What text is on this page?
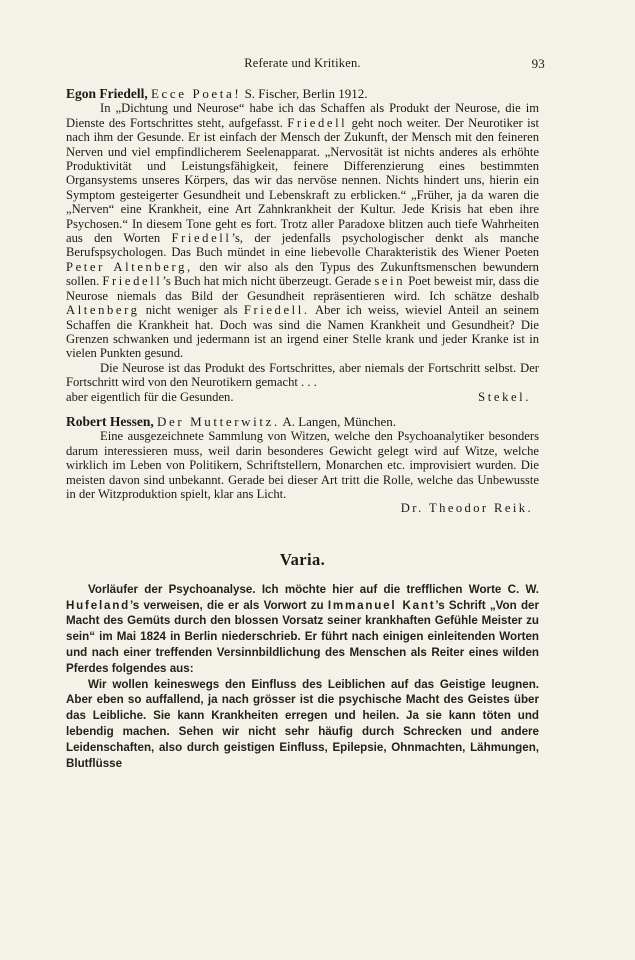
Referate und Kritiken.	93

Egon Friedell, Ecce Poeta! S. Fischer, Berlin 1912.

In „Dichtung und Neurose“ habe ich das Schaffen als Produkt der Neurose, die im Dienste des Fortschrittes steht, aufgefasst. Friedell geht noch weiter. Der Neurotiker ist nach ihm der Gesunde. Er ist einfach der Mensch der Zukunft, der Mensch mit den feineren Nerven und viel empfindlicherem Seelenapparat. „Nervosität ist nichts anderes als erhöhte Produktivität und Leistungsfähigkeit, feinere Differenzierung eines bestimmten Organsystems unseres Körpers, das wir das nervöse nennen. Nichts hindert uns, hierin ein Symptom gesteigerter Gesundheit und Lebenskraft zu erblicken.“ „Früher, ja da waren die „Nerven“ eine Krankheit, eine Art Zahnkrankheit der Kultur. Jede Krisis hat eben ihre Psychosen.“ In diesem Tone geht es fort. Trotz aller Paradoxe blitzen auch tiefe Wahrheiten aus den Worten Friedell’s, der jedenfalls psychologischer denkt als manche Berufspsychologen. Das Buch mündet in eine liebevolle Charakteristik des Wiener Poeten Peter Altenberg, den wir also als den Typus des Zukunftsmenschen bewundern sollen. Friedell’s Buch hat mich nicht überzeugt. Gerade sein Poet beweist mir, dass die Neurose niemals das Bild der Gesundheit repräsentieren wird. Ich schätze deshalb Altenberg nicht weniger als Friedell. Aber ich weiss, wieviel Anteil an seinem Schaffen die Krankheit hat. Doch was sind die Namen Krankheit und Gesundheit? Die Grenzen schwanken und jedermann ist an irgend einer Stelle krank und jeder Kranke ist in vielen Punkten gesund.

Die Neurose ist das Produkt des Fortschrittes, aber niemals der Fortschritt selbst. Der Fortschritt wird von den Neurotikern gemacht . . .

aber eigentlich für die Gesunden.	Stekel.

Robert Hessen, Der Mutterwitz. A. Langen, München.

Eine ausgezeichnete Sammlung von Witzen, welche den Psychoanalytiker besonders darum interessieren muss, weil darin besonderes Gewicht gelegt wird auf Witze, welche wirklich im Leben von Politikern, Schriftstellern, Monarchen etc. improvisiert wurden. Die meisten davon sind unbekannt. Gerade bei dieser Art tritt die Rolle, welche das Unbewusste in der Witzproduktion spielt, klar ans Licht.

Dr. Theodor Reik.

Varia.

Vorläufer der Psychoanalyse. Ich möchte hier auf die trefflichen Worte C. W. Hufeland’s verweisen, die er als Vorwort zu Immanuel Kant’s Schrift „Von der Macht des Gemüts durch den blossen Vorsatz seiner krankhaften Gefühle Meister zu sein“ im Mai 1824 in Berlin niederschrieb. Er führt nach einigen einleitenden Worten und nach einer treffenden Versinnbildlichung des Menschen als Reiter eines wilden Pferdes folgendes aus:

Wir wollen keineswegs den Einfluss des Leiblichen auf das Geistige leugnen. Aber eben so auffallend, ja nach grösser ist die psychische Macht des Geistes über das Leibliche. Sie kann Krankheiten erregen und heilen. Ja sie kann töten und lebendig machen. Sehen wir nicht sehr häufig durch Schrecken und andere Leidenschaften, also durch geistigen Einfluss, Epilepsie, Ohnmachten, Lähmungen, Blutflüsse
